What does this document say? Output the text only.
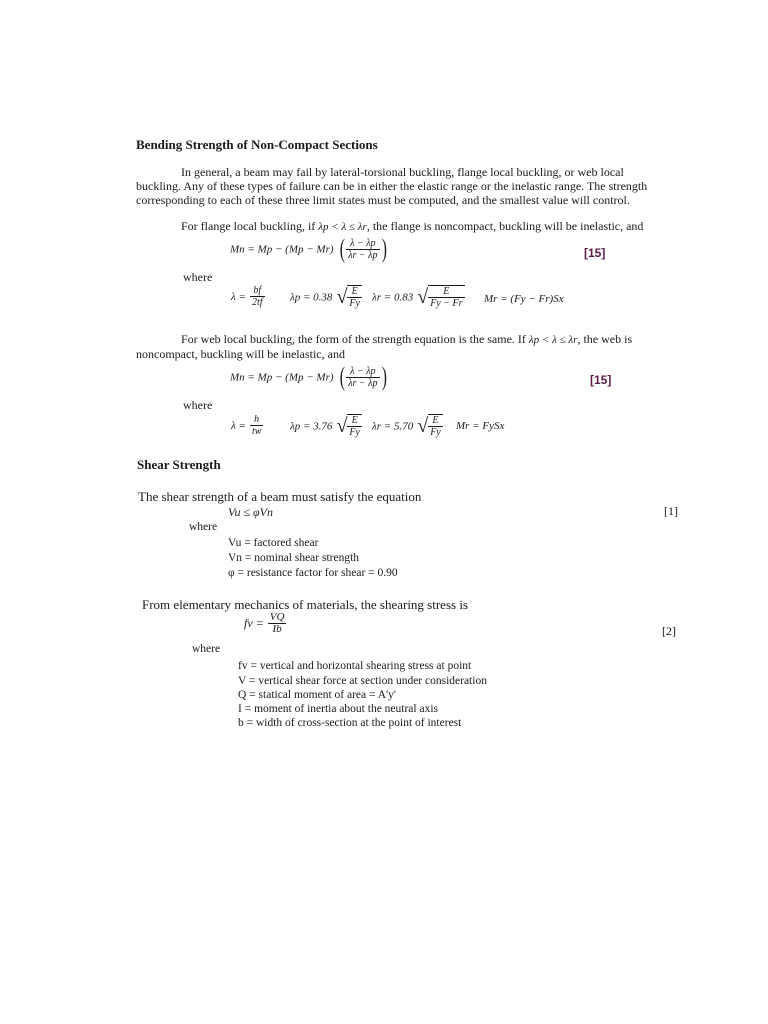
Bending Strength of Non-Compact Sections
In general, a beam may fail by lateral-torsional buckling, flange local buckling, or web local
buckling. Any of these types of failure can be in either the elastic range or the inelastic range. The strength
corresponding to each of these three limit states must be computed, and the smallest value will control.
For flange local buckling, if λp < λ ≤ λr, the flange is noncompact, buckling will be inelastic, and
Mn = Mp − (Mp − Mr) ( $\frac{\lambda - \lambda p}{\lambda r - \lambda p}$ )	[15]
where
$\lambda = \frac{bf}{2tf}$ λp = 0.38 √ $\frac{E}{Fy}$ λr = 0.83 √ $\frac{E}{Fy - Fr}$ Mr = (Fy − Fr)Sx
For web local buckling, the form of the strength equation is the same. If λp < λ ≤ λr, the web is
noncompact, buckling will be inelastic, and
Mn = Mp − (Mp − Mr) ( $\frac{\lambda - \lambda p}{\lambda r - \lambda p}$ )	[15]
where
$\lambda = \frac{h}{tw}$ λp = 3.76 √ $\frac{E}{Fy}$ λr = 5.70 √ $\frac{E}{Fy}$ Mr = FySx
Shear Strength
The shear strength of a beam must satisfy the equation
Vu ≤ φVn	[1]
where
Vu = factored shear
Vn = nominal shear strength
φ = resistance factor for shear = 0.90
From elementary mechanics of materials, the shearing stress is
fv = $\frac{VQ}{Ib}$	[2]
where
fv = vertical and horizontal shearing stress at point
V = vertical shear force at section under consideration
Q = statical moment of area = A'y'
I = moment of inertia about the neutral axis
b = width of cross-section at the point of interest
